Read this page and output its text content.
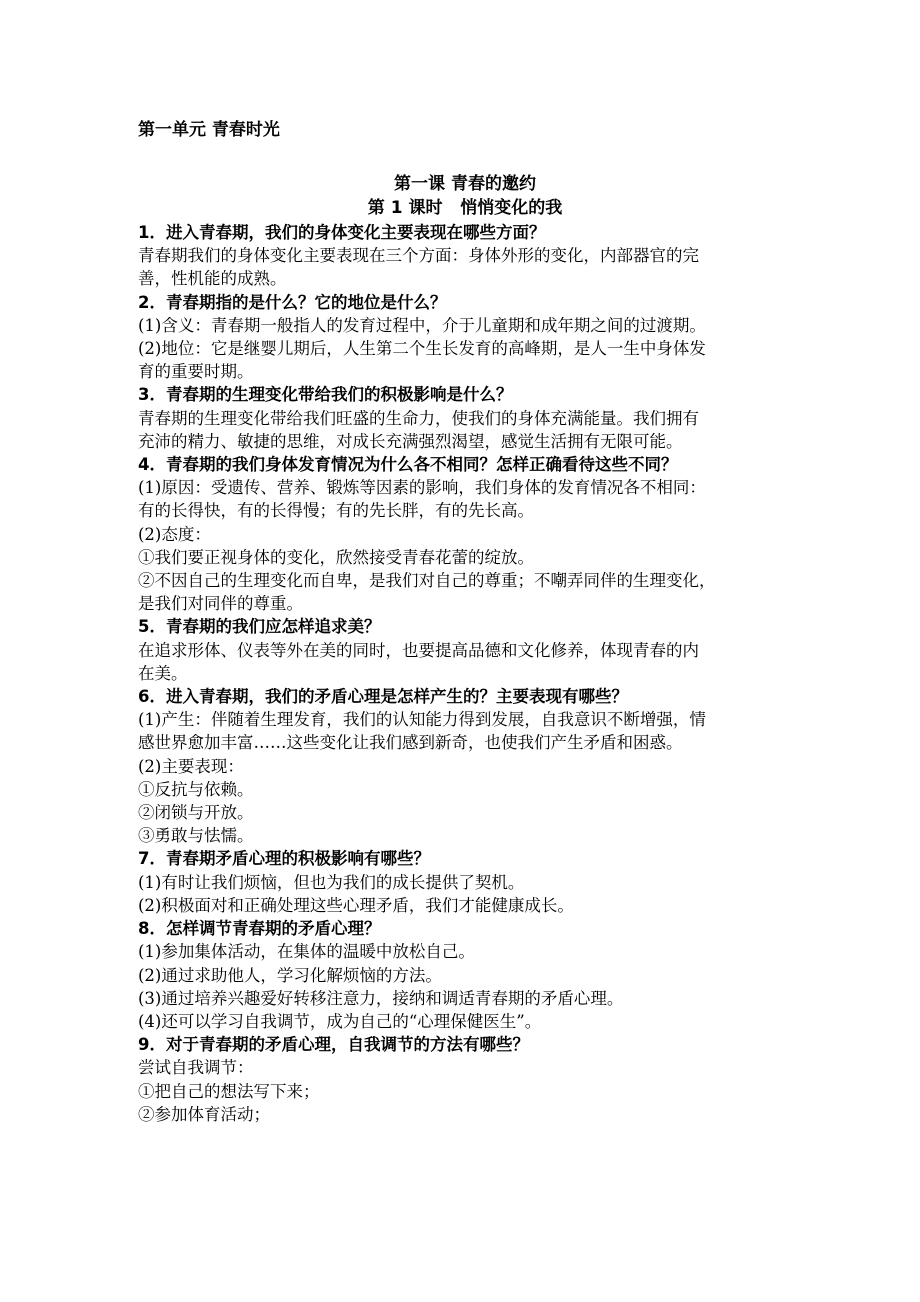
第一单元 青春时光
第一课 青春的邀约
第 1 课时   悄悄变化的我
1．进入青春期，我们的身体变化主要表现在哪些方面？
青春期我们的身体变化主要表现在三个方面：身体外形的变化，内部器官的完
善，性机能的成熟。
2．青春期指的是什么？它的地位是什么？
(1)含义：青春期一般指人的发育过程中，介于儿童期和成年期之间的过渡期。
(2)地位：它是继婴儿期后，人生第二个生长发育的高峰期，是人一生中身体发
育的重要时期。
3．青春期的生理变化带给我们的积极影响是什么？
青春期的生理变化带给我们旺盛的生命力，使我们的身体充满能量。我们拥有
充沛的精力、敏捷的思维，对成长充满强烈渴望，感觉生活拥有无限可能。
4．青春期的我们身体发育情况为什么各不相同？怎样正确看待这些不同？
(1)原因：受遗传、营养、锻炼等因素的影响，我们身体的发育情况各不相同：
有的长得快，有的长得慢；有的先长胖，有的先长高。
(2)态度：
①我们要正视身体的变化，欣然接受青春花蕾的绽放。
②不因自己的生理变化而自卑，是我们对自己的尊重；不嘲弄同伴的生理变化，
是我们对同伴的尊重。
5．青春期的我们应怎样追求美？
在追求形体、仪表等外在美的同时，也要提高品德和文化修养，体现青春的内
在美。
6．进入青春期，我们的矛盾心理是怎样产生的？主要表现有哪些？
(1)产生：伴随着生理发育，我们的认知能力得到发展，自我意识不断增强，情
感世界愈加丰富……这些变化让我们感到新奇，也使我们产生矛盾和困惑。
(2)主要表现：
①反抗与依赖。
②闭锁与开放。
③勇敢与怯懦。
7．青春期矛盾心理的积极影响有哪些？
(1)有时让我们烦恼，但也为我们的成长提供了契机。
(2)积极面对和正确处理这些心理矛盾，我们才能健康成长。
8．怎样调节青春期的矛盾心理？
(1)参加集体活动，在集体的温暖中放松自己。
(2)通过求助他人，学习化解烦恼的方法。
(3)通过培养兴趣爱好转移注意力，接纳和调适青春期的矛盾心理。
(4)还可以学习自我调节，成为自己的“心理保健医生”。
9．对于青春期的矛盾心理，自我调节的方法有哪些？
尝试自我调节：
①把自己的想法写下来；
②参加体育活动；
